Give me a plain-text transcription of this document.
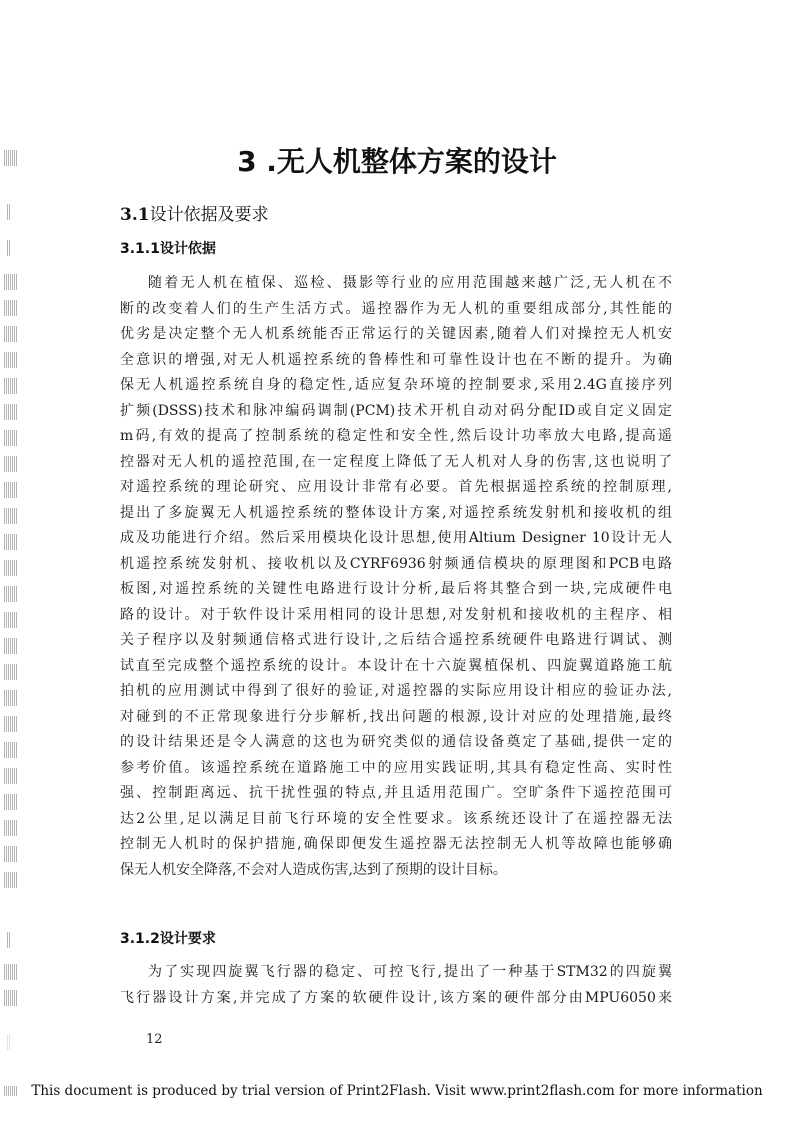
3 .无人机整体方案的设计
3.1设计依据及要求
3.1.1设计依据
随着无人机在植保、巡检、摄影等行业的应用范围越来越广泛,无人机在不
断的改变着人们的生产生活方式。遥控器作为无人机的重要组成部分,其性能的
优劣是决定整个无人机系统能否正常运行的关键因素,随着人们对操控无人机安
全意识的增强,对无人机遥控系统的鲁棒性和可靠性设计也在不断的提升。为确
保无人机遥控系统自身的稳定性,适应复杂环境的控制要求,采用2.4G直接序列
扩频(DSSS)技术和脉冲编码调制(PCM)技术开机自动对码分配ID或自定义固定
m码,有效的提高了控制系统的稳定性和安全性,然后设计功率放大电路,提高遥
控器对无人机的遥控范围,在一定程度上降低了无人机对人身的伤害,这也说明了
对遥控系统的理论研究、应用设计非常有必要。首先根据遥控系统的控制原理,
提出了多旋翼无人机遥控系统的整体设计方案,对遥控系统发射机和接收机的组
成及功能进行介绍。然后采用模块化设计思想,使用Altium Designer 10设计无人
机遥控系统发射机、接收机以及CYRF6936射频通信模块的原理图和PCB电路
板图,对遥控系统的关键性电路进行设计分析,最后将其整合到一块,完成硬件电
路的设计。对于软件设计采用相同的设计思想,对发射机和接收机的主程序、相
关子程序以及射频通信格式进行设计,之后结合遥控系统硬件电路进行调试、测
试直至完成整个遥控系统的设计。本设计在十六旋翼植保机、四旋翼道路施工航
拍机的应用测试中得到了很好的验证,对遥控器的实际应用设计相应的验证办法,
对碰到的不正常现象进行分步解析,找出问题的根源,设计对应的处理措施,最终
的设计结果还是令人满意的这也为研究类似的通信设备奠定了基础,提供一定的
参考价值。该遥控系统在道路施工中的应用实践证明,其具有稳定性高、实时性
强、控制距离远、抗干扰性强的特点,并且适用范围广。空旷条件下遥控范围可
达2公里,足以满足目前飞行环境的安全性要求。该系统还设计了在遥控器无法
控制无人机时的保护措施,确保即便发生遥控器无法控制无人机等故障也能够确
保无人机安全降落,不会对人造成伤害,达到了预期的设计目标。
3.1.2设计要求
为了实现四旋翼飞行器的稳定、可控飞行,提出了一种基于STM32的四旋翼
飞行器设计方案,并完成了方案的软硬件设计,该方案的硬件部分由MPU6050来
12
This document is produced by trial version of Print2Flash. Visit www.print2flash.com for more information
